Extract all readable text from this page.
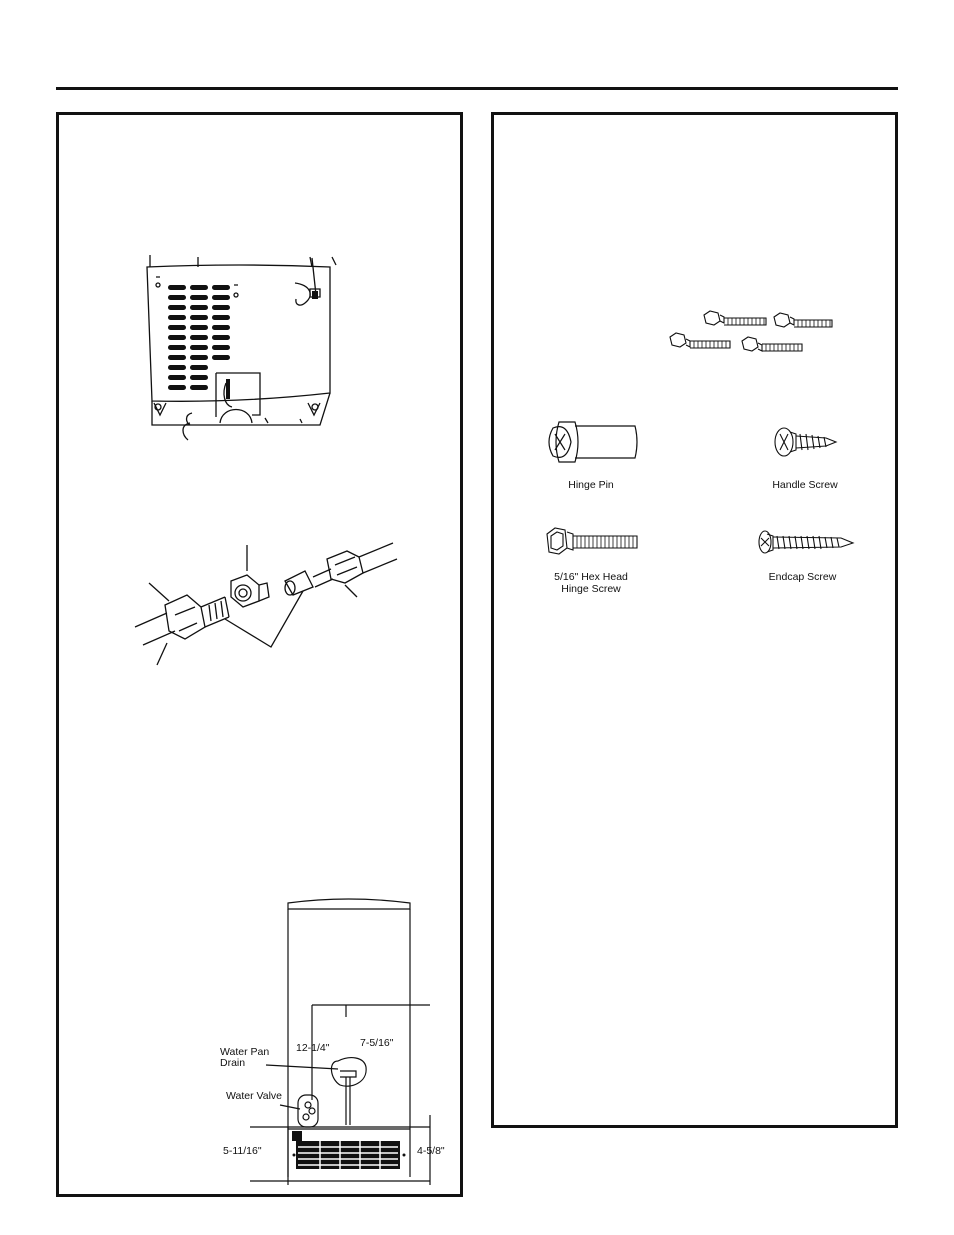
12-1/4"	7-5/16"
Water Pan
Drain
Water Valve
5-11/16"	4-5/8"
Hinge Pin	Handle Screw
5/16" Hex Head
Hinge Screw
Endcap Screw
